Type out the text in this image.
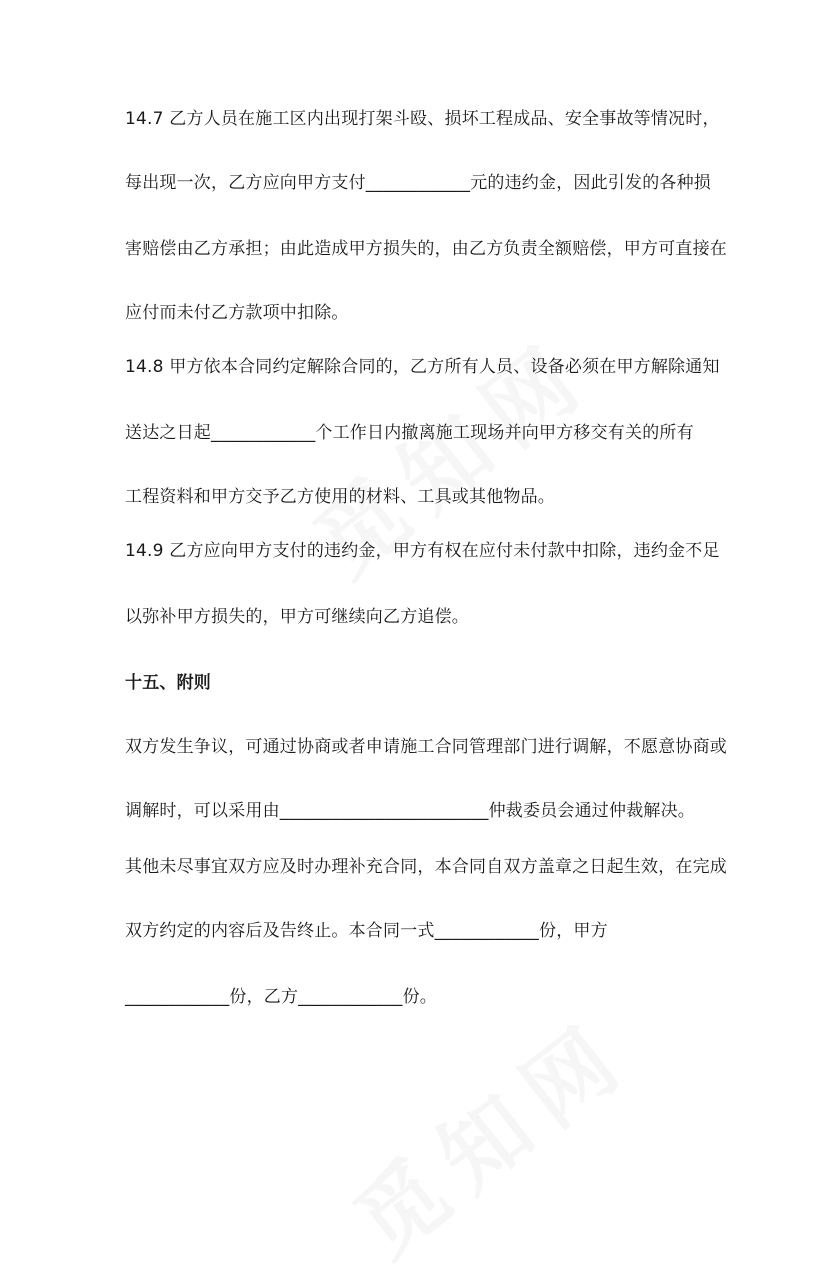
14.7 乙方人员在施工区内出现打架斗殴、损坏工程成品、安全事故等情况时，
每出现一次，乙方应向甲方支付____________元的违约金，因此引发的各种损
害赔偿由乙方承担；由此造成甲方损失的，由乙方负责全额赔偿，甲方可直接在
应付而未付乙方款项中扣除。
14.8 甲方依本合同约定解除合同的，乙方所有人员、设备必须在甲方解除通知
送达之日起____________个工作日内撤离施工现场并向甲方移交有关的所有
工程资料和甲方交予乙方使用的材料、工具或其他物品。
14.9 乙方应向甲方支付的违约金，甲方有权在应付未付款中扣除，违约金不足
以弥补甲方损失的，甲方可继续向乙方追偿。
十五、附则
双方发生争议，可通过协商或者申请施工合同管理部门进行调解，不愿意协商或
调解时，可以采用由________________________仲裁委员会通过仲裁解决。
其他未尽事宜双方应及时办理补充合同，本合同自双方盖章之日起生效，在完成
双方约定的内容后及告终止。本合同一式____________份，甲方
____________份，乙方____________份。
